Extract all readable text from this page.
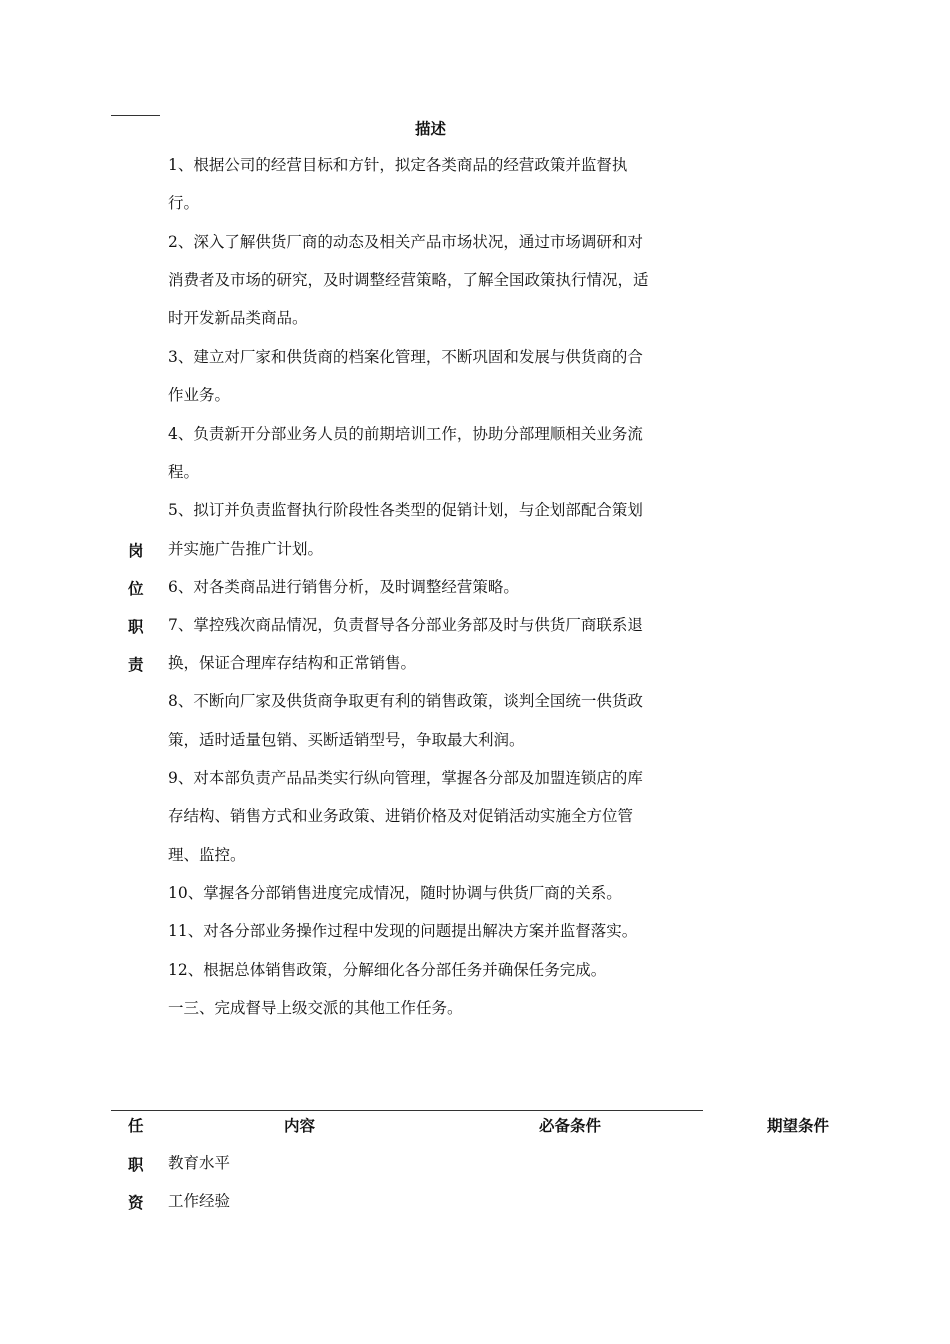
描述
岗
位
职
责
1、根据公司的经营目标和方针，拟定各类商品的经营政策并监督执
行。
2、深入了解供货厂商的动态及相关产品市场状况，通过市场调研和对
消费者及市场的研究，及时调整经营策略，了解全国政策执行情况，适
时开发新品类商品。
3、建立对厂家和供货商的档案化管理，不断巩固和发展与供货商的合
作业务。
4、负责新开分部业务人员的前期培训工作，协助分部理顺相关业务流
程。
5、拟订并负责监督执行阶段性各类型的促销计划，与企划部配合策划
并实施广告推广计划。
6、对各类商品进行销售分析，及时调整经营策略。
7、掌控残次商品情况，负责督导各分部业务部及时与供货厂商联系退
换，保证合理库存结构和正常销售。
8、不断向厂家及供货商争取更有利的销售政策，谈判全国统一供货政
策，适时适量包销、买断适销型号，争取最大利润。
9、对本部负责产品品类实行纵向管理，掌握各分部及加盟连锁店的库
存结构、销售方式和业务政策、进销价格及对促销活动实施全方位管
理、监控。
10、掌握各分部销售进度完成情况，随时协调与供货厂商的关系。
11、对各分部业务操作过程中发现的问题提出解决方案并监督落实。
12、根据总体销售政策，分解细化各分部任务并确保任务完成。
一三、完成督导上级交派的其他工作任务。
任
职
资
内容	必备条件	期望条件
教育水平
工作经验
